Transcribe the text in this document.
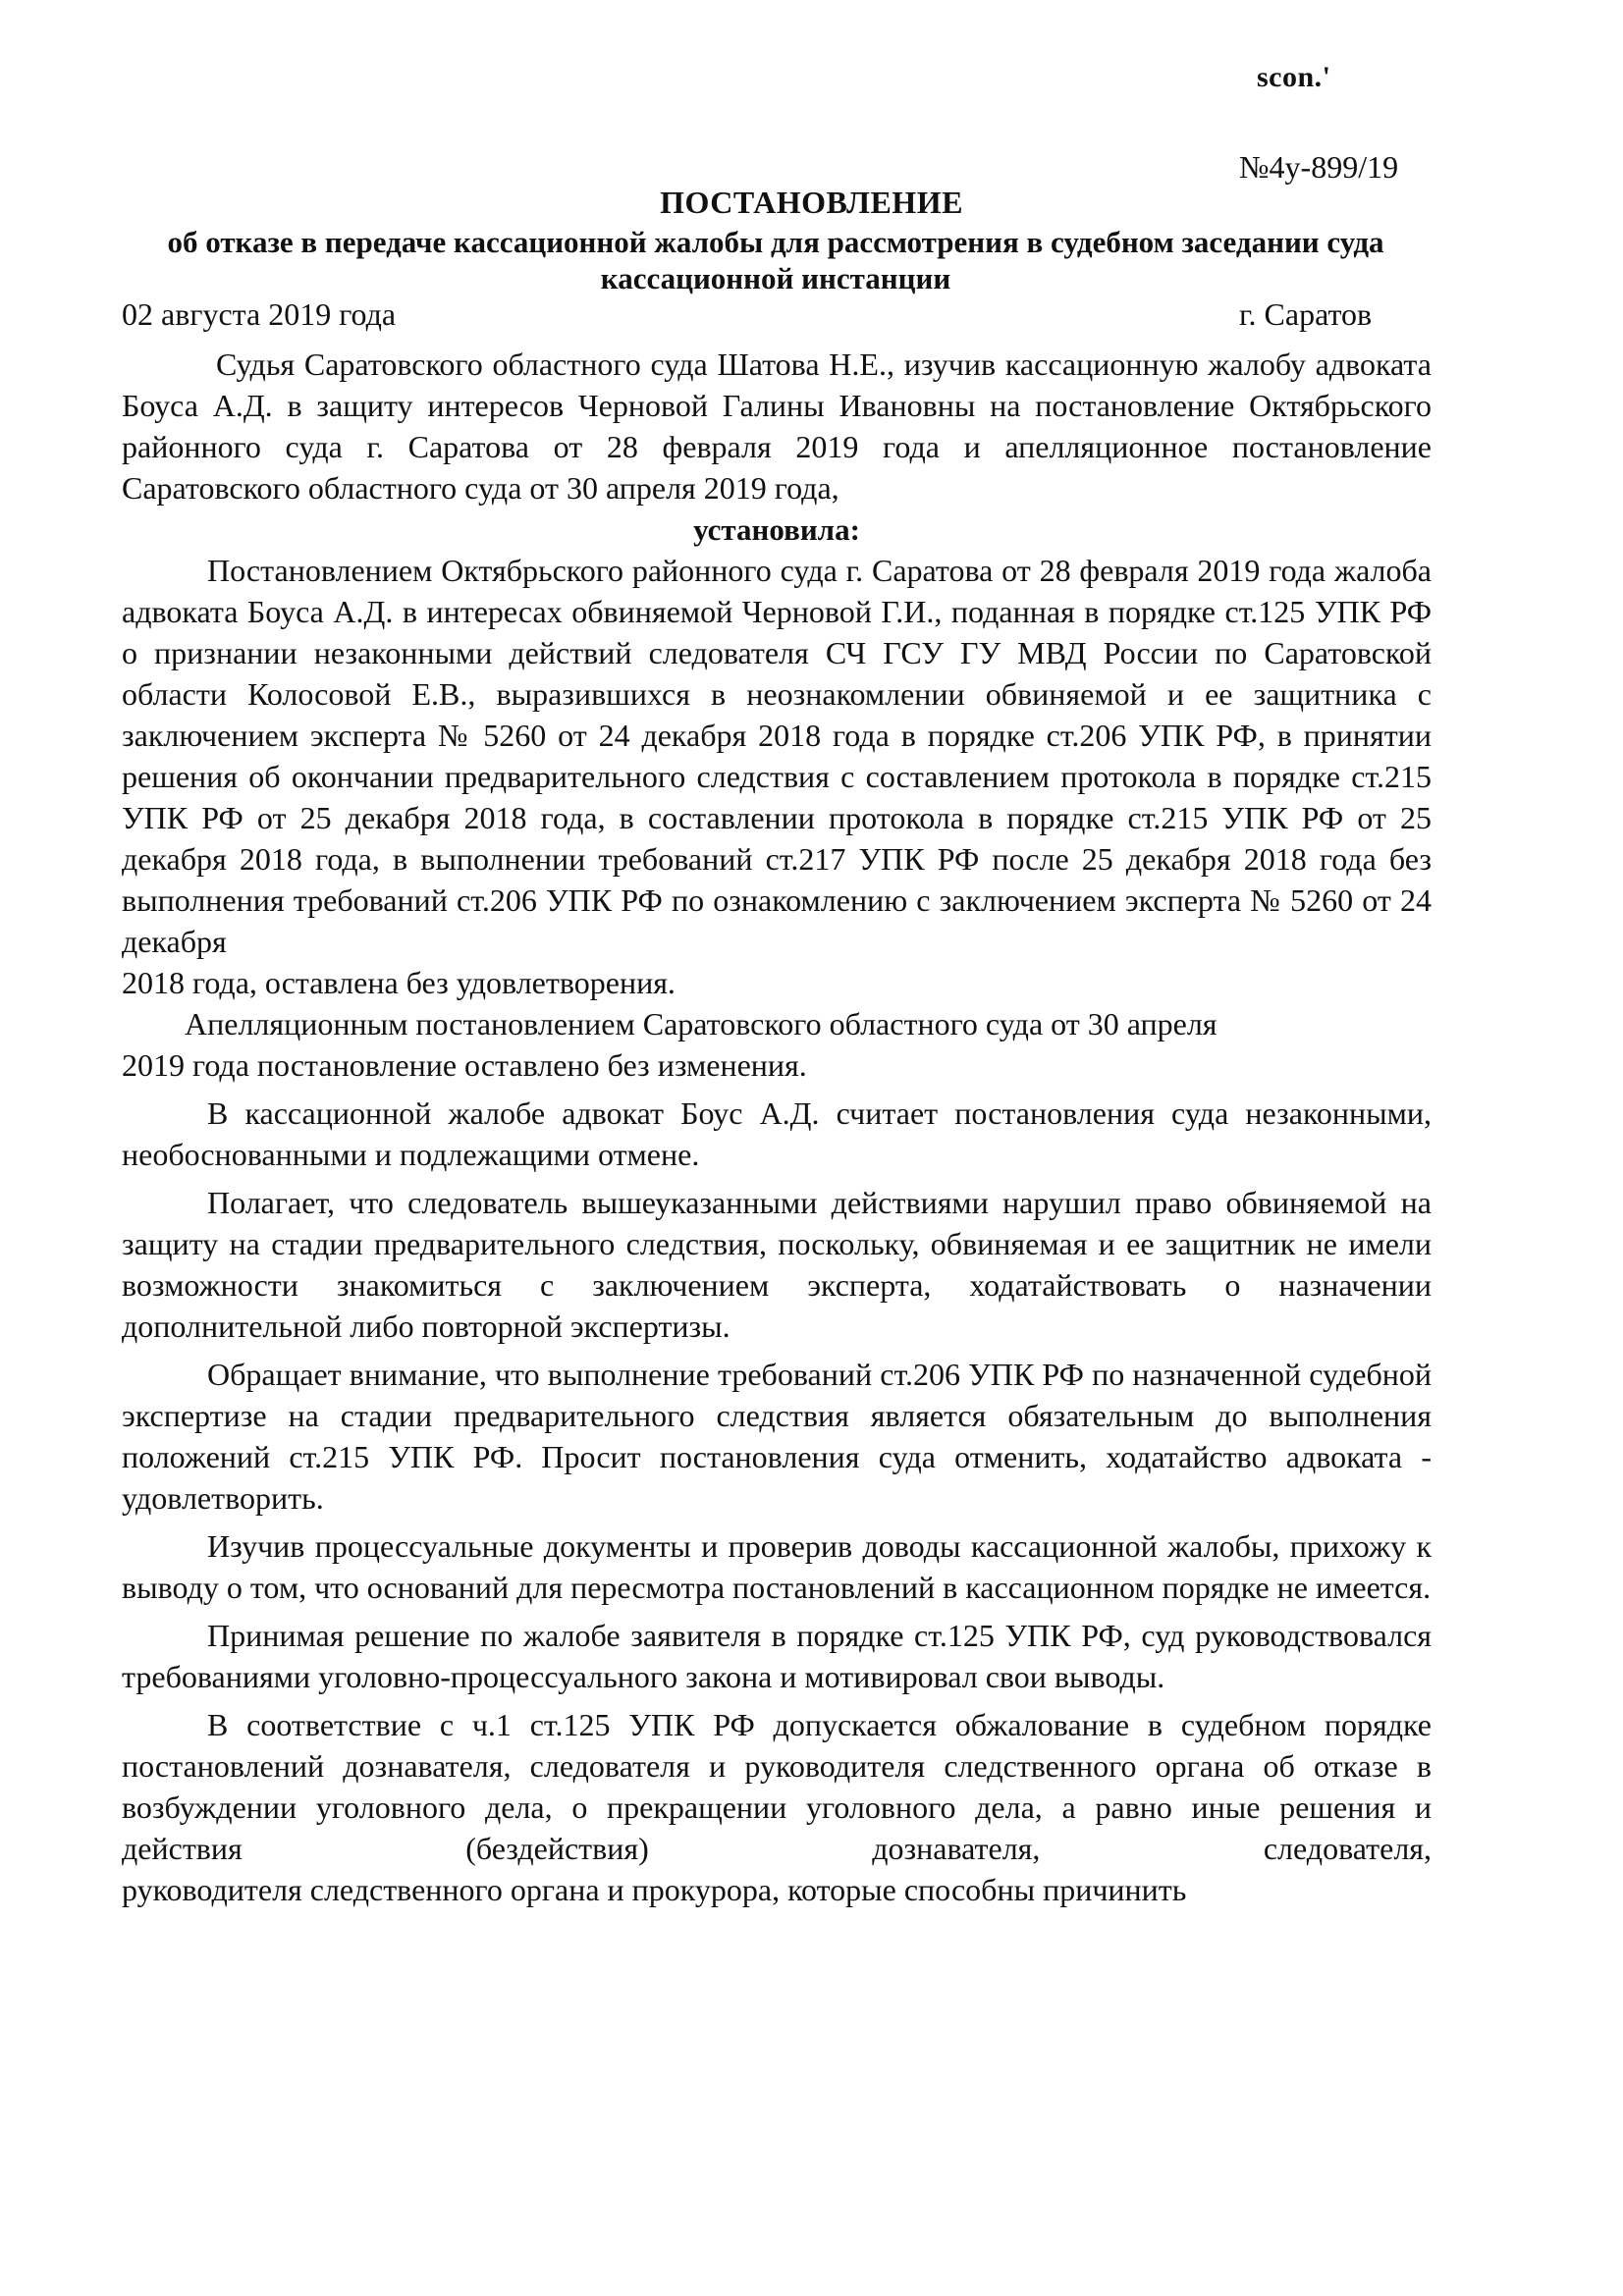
scon.'
№4у-899/19
ПОСТАНОВЛЕНИЕ
об отказе в передаче кассационной жалобы для рассмотрения в судебном заседании суда кассационной инстанции
02 августа 2019 года	г. Саратов

Судья Саратовского областного суда Шатова Н.Е., изучив кассационную жалобу адвоката Боуса А.Д. в защиту интересов Черновой Галины Ивановны на постановление Октябрьского районного суда г. Саратова от 28 февраля 2019 года и апелляционное постановление Саратовского областного суда от 30 апреля 2019 года,

установила:

Постановлением Октябрьского районного суда г. Саратова от 28 февраля 2019 года жалоба адвоката Боуса А.Д. в интересах обвиняемой Черновой Г.И., поданная в порядке ст.125 УПК РФ о признании незаконными действий следователя СЧ ГСУ ГУ МВД России по Саратовской области Колосовой Е.В., выразившихся в неознакомлении обвиняемой и ее защитника с заключением эксперта № 5260 от 24 декабря 2018 года в порядке ст.206 УПК РФ, в принятии решения об окончании предварительного следствия с составлением протокола в порядке ст.215 УПК РФ от 25 декабря 2018 года, в составлении протокола в порядке ст.215 УПК РФ от 25 декабря 2018 года, в выполнении требований ст.217 УПК РФ после 25 декабря 2018 года без выполнения требований ст.206 УПК РФ по ознакомлению с заключением эксперта № 5260 от 24 декабря

2018 года, оставлена без удовлетворения.

Апелляционным постановлением Саратовского областного суда от 30 апреля

2019 года постановление оставлено без изменения.

В кассационной жалобе адвокат Боус А.Д. считает постановления суда незаконными, необоснованными и подлежащими отмене.

Полагает, что следователь вышеуказанными действиями нарушил право обвиняемой на защиту на стадии предварительного следствия, поскольку, обвиняемая и ее защитник не имели возможности знакомиться с заключением эксперта, ходатайствовать о назначении дополнительной либо повторной экспертизы.

Обращает внимание, что выполнение требований ст.206 УПК РФ по назначенной судебной экспертизе на стадии предварительного следствия является обязательным до выполнения положений ст.215 УПК РФ. Просит постановления суда отменить, ходатайство адвоката - удовлетворить.

Изучив процессуальные документы и проверив доводы кассационной жалобы, прихожу к выводу о том, что оснований для пересмотра постановлений в кассационном порядке не имеется.

Принимая решение по жалобе заявителя в порядке ст.125 УПК РФ, суд руководствовался требованиями уголовно-процессуального закона и мотивировал свои выводы.

В соответствие с ч.1 ст.125 УПК РФ допускается обжалование в судебном порядке постановлений дознавателя, следователя и руководителя следственного органа об отказе в возбуждении уголовного дела, о прекращении уголовного дела, а равно иные решения и действия (бездействия) дознавателя, следователя,

руководителя следственного органа и прокурора, которые способны причинить
